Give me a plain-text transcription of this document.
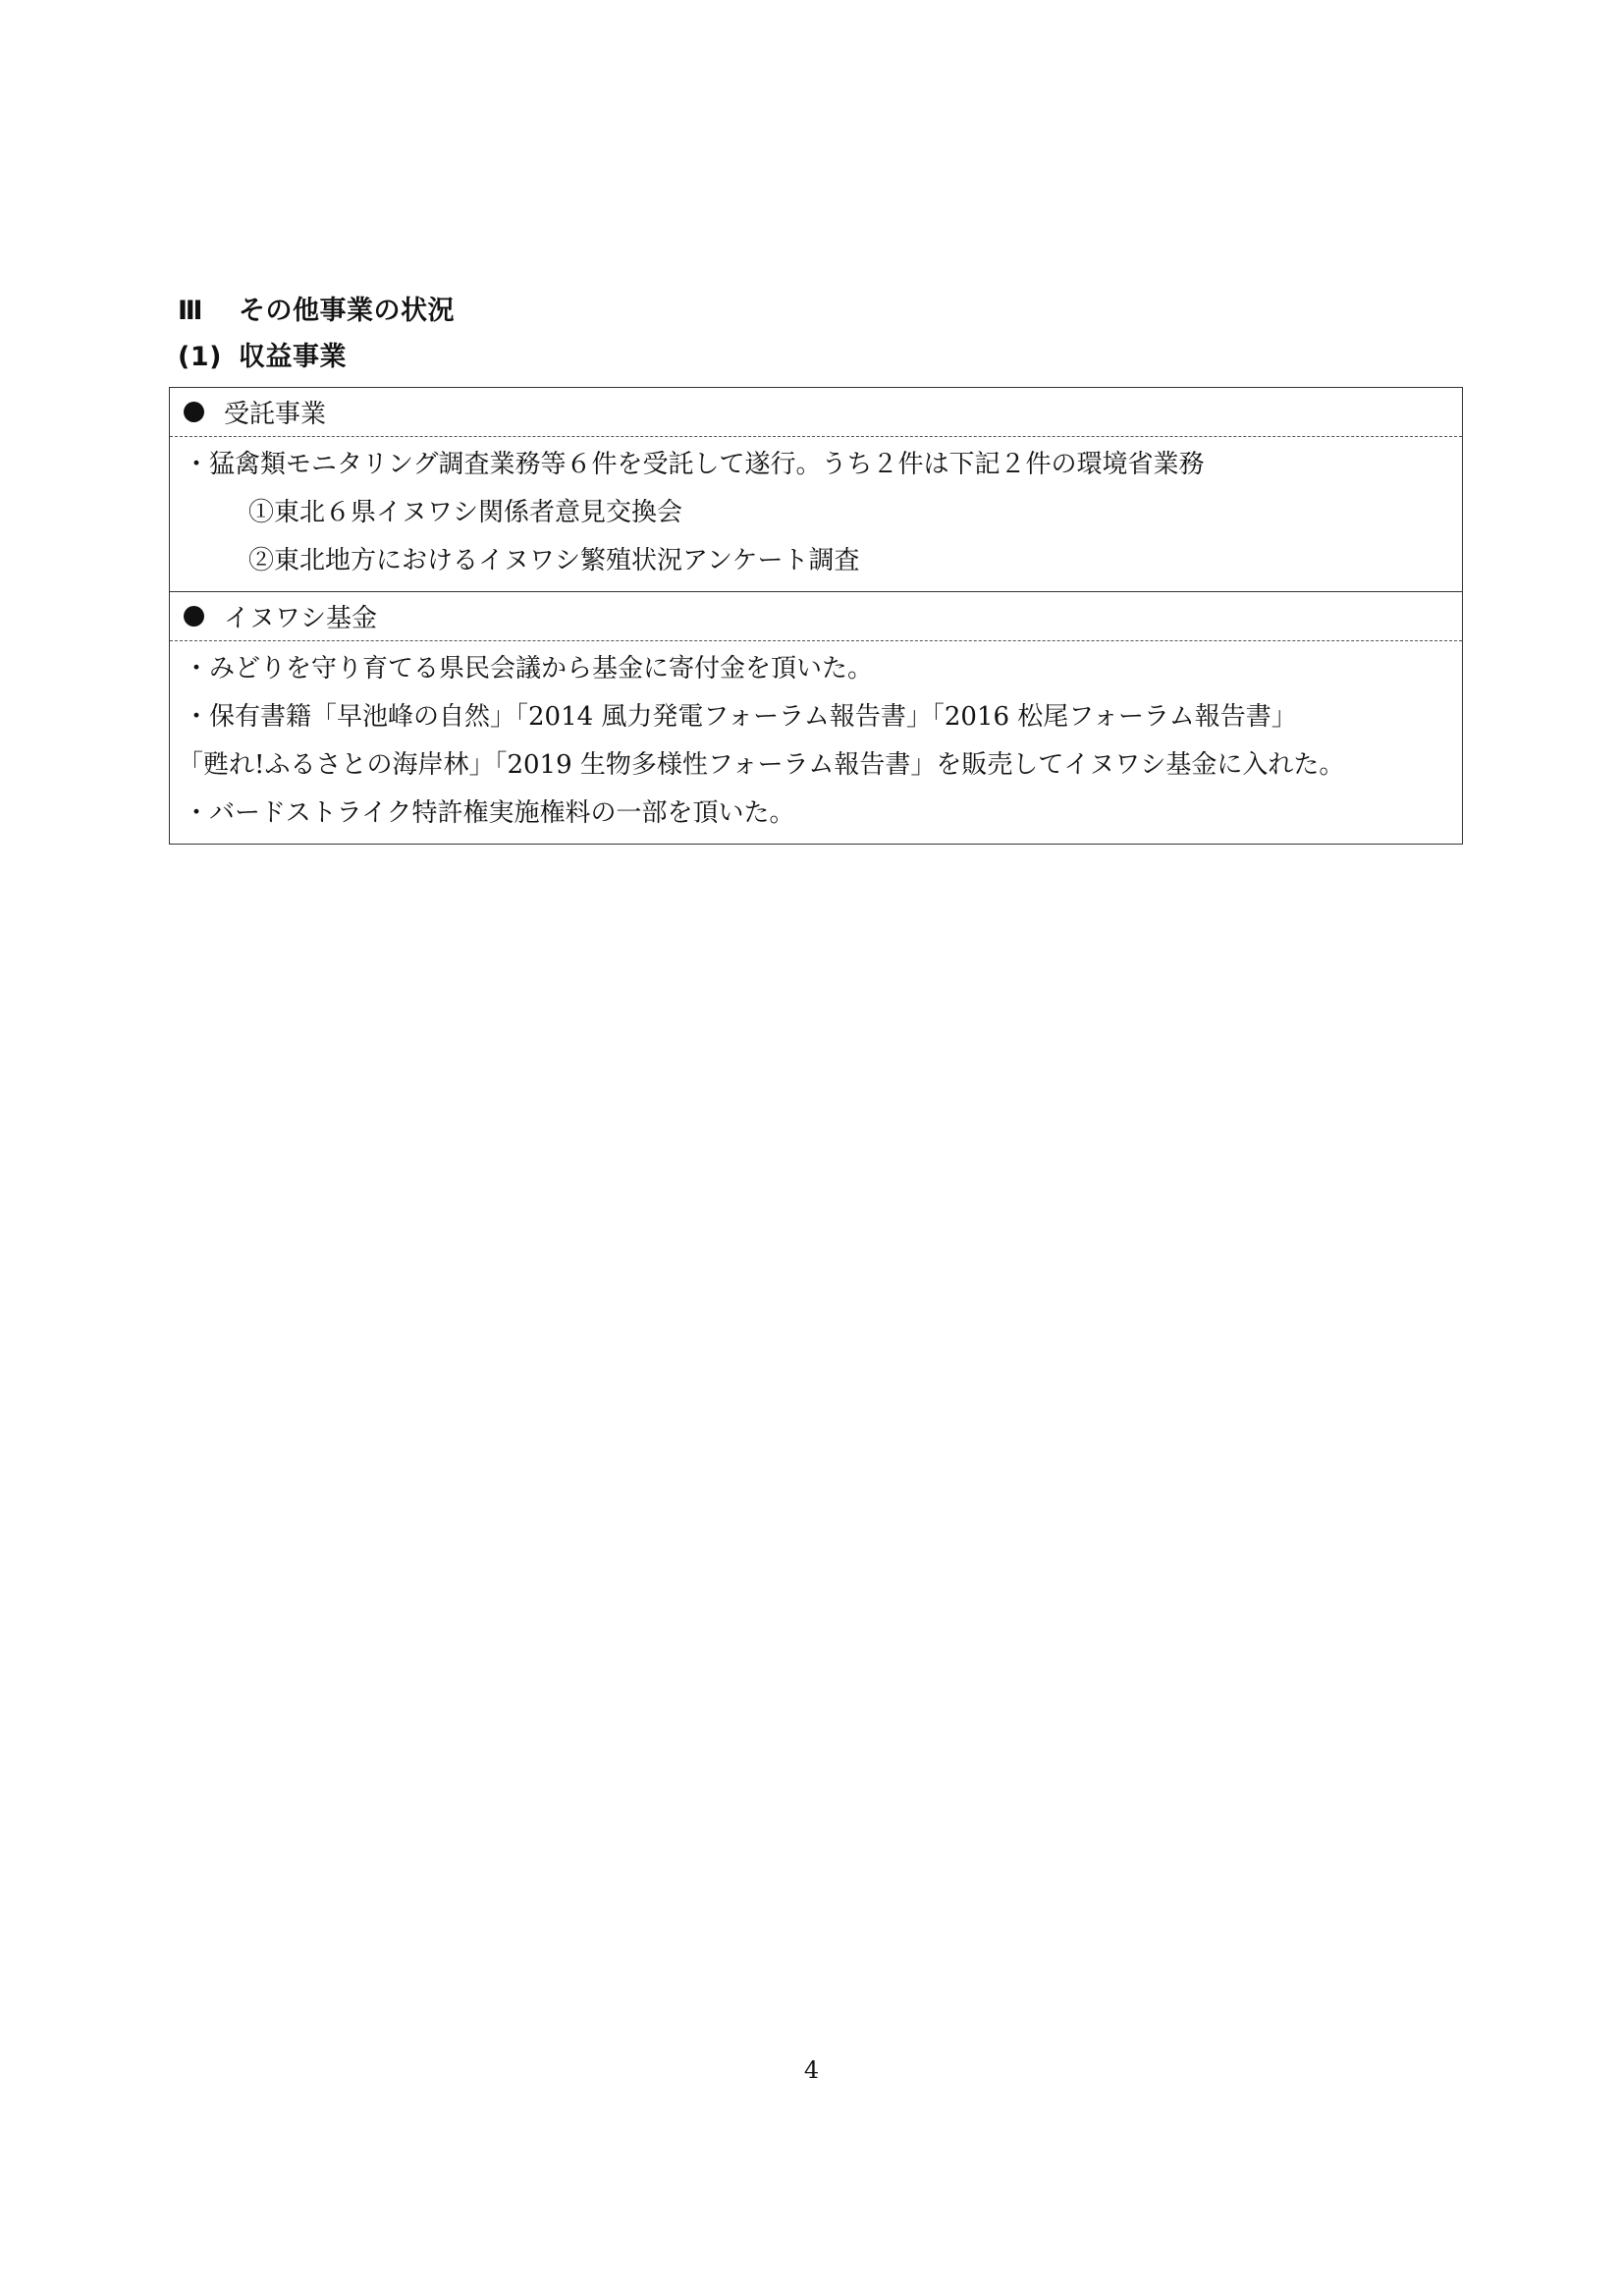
Ⅲ その他事業の状況
(1) 収益事業
受託事業
・猛禽類モニタリング調査業務等６件を受託して遂行。うち２件は下記２件の環境省業務
①東北６県イヌワシ関係者意見交換会
②東北地方におけるイヌワシ繁殖状況アンケート調査
イヌワシ基金
・みどりを守り育てる県民会議から基金に寄付金を頂いた。
・保有書籍「早池峰の自然」「2014 風力発電フォーラム報告書」「2016 松尾フォーラム報告書」
「甦れ!ふるさとの海岸林」「2019 生物多様性フォーラム報告書」を販売してイヌワシ基金に入れた。
・バードストライク特許権実施権料の一部を頂いた。
4
